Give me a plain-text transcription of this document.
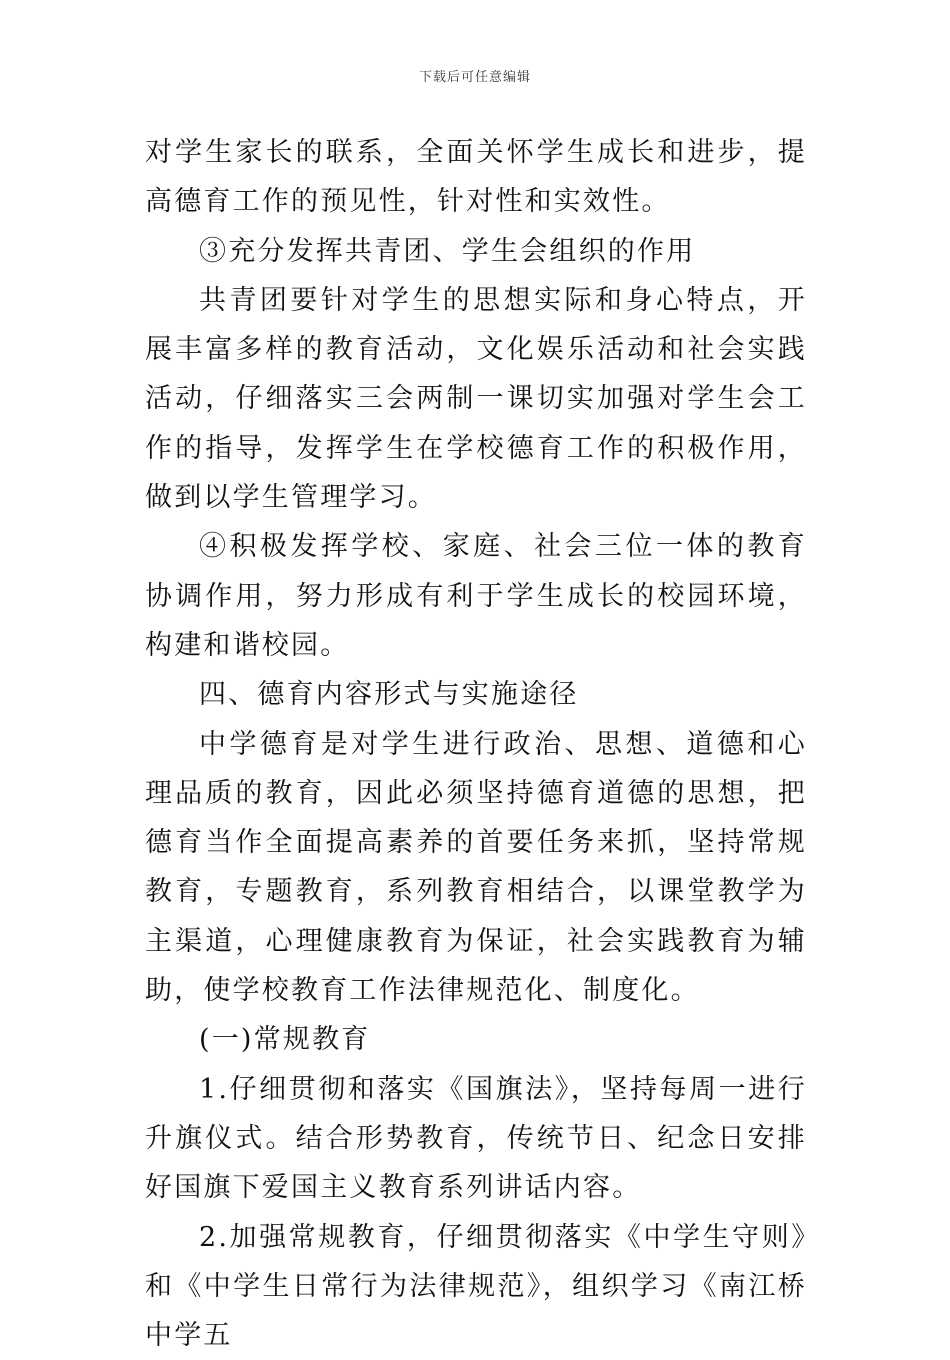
下载后可任意编辑

对学生家长的联系，全面关怀学生成长和进步，提高德育工作的预见性，针对性和实效性。

③充分发挥共青团、学生会组织的作用

共青团要针对学生的思想实际和身心特点，开展丰富多样的教育活动，文化娱乐活动和社会实践活动，仔细落实三会两制一课切实加强对学生会工作的指导，发挥学生在学校德育工作的积极作用，做到以学生管理学习。

④积极发挥学校、家庭、社会三位一体的教育协调作用，努力形成有利于学生成长的校园环境，构建和谐校园。

四、德育内容形式与实施途径

中学德育是对学生进行政治、思想、道德和心理品质的教育，因此必须坚持德育道德的思想，把德育当作全面提高素养的首要任务来抓，坚持常规教育，专题教育，系列教育相结合，以课堂教学为主渠道，心理健康教育为保证，社会实践教育为辅助，使学校教育工作法律规范化、制度化。

(一)常规教育

1.仔细贯彻和落实《国旗法》，坚持每周一进行升旗仪式。结合形势教育，传统节日、纪念日安排好国旗下爱国主义教育系列讲话内容。

2.加强常规教育，仔细贯彻落实《中学生守则》和《中学生日常行为法律规范》，组织学习《南江桥中学五
